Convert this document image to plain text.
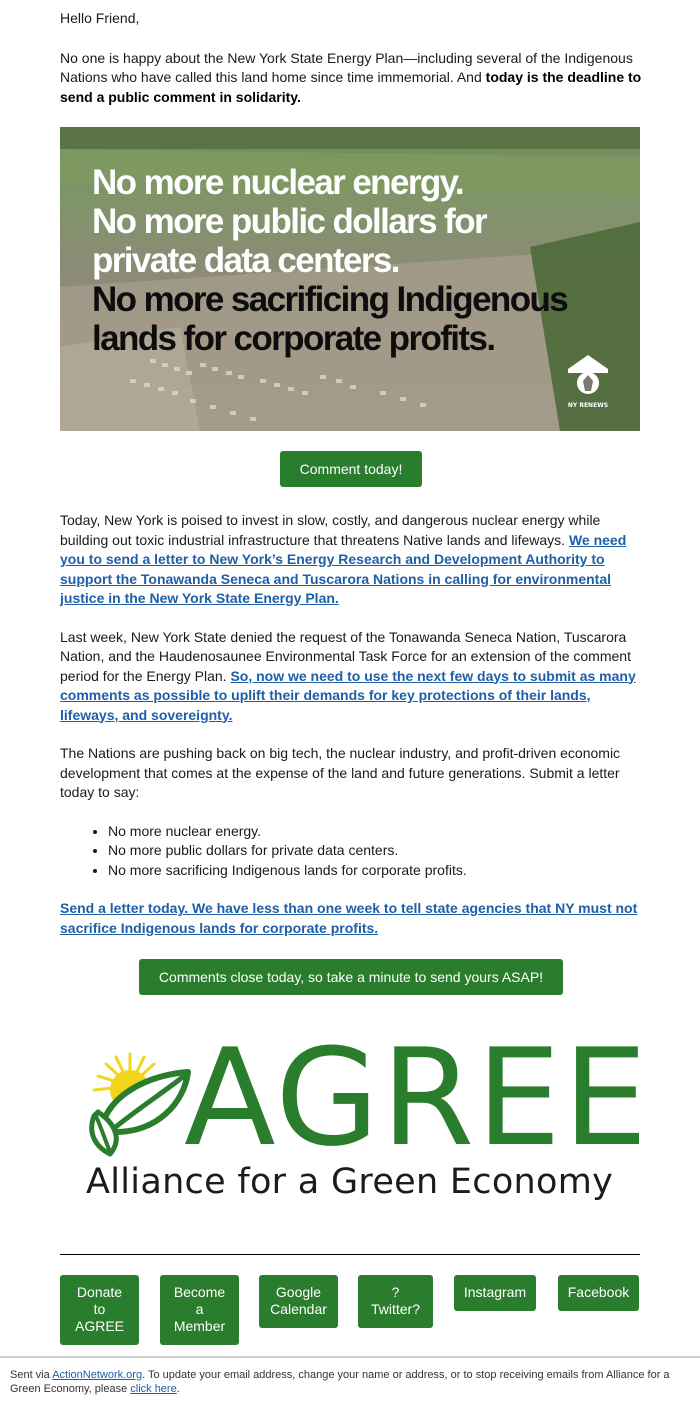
Hello Friend,

No one is happy about the New York State Energy Plan—including several of the Indigenous Nations who have called this land home since time immemorial. And today is the deadline to send a public comment in solidarity.

No more nuclear energy.
No more public dollars for
private data centers.
No more sacrificing Indigenous
lands for corporate profits.
NY RENEWS
Comment today!

Today, New York is poised to invest in slow, costly, and dangerous nuclear energy while building out toxic industrial infrastructure that threatens Native lands and lifeways. We need you to send a letter to New York’s Energy Research and Development Authority to support the Tonawanda Seneca and Tuscarora Nations in calling for environmental justice in the New York State Energy Plan.

Last week, New York State denied the request of the Tonawanda Seneca Nation, Tuscarora Nation, and the Haudenosaunee Environmental Task Force for an extension of the comment period for the Energy Plan. So, now we need to use the next few days to submit as many comments as possible to uplift their demands for key protections of their lands, lifeways, and sovereignty.

The Nations are pushing back on big tech, the nuclear industry, and profit-driven economic development that comes at the expense of the land and future generations. Submit a letter today to say:

• No more nuclear energy.
• No more public dollars for private data centers.
• No more sacrificing Indigenous lands for corporate profits.

Send a letter today. We have less than one week to tell state agencies that NY must not sacrifice Indigenous lands for corporate profits.

Comments close today, so take a minute to send yours ASAP!
AGREE
Alliance for a Green Economy
Donate
to
AGREE
Become
a
Member
Google
Calendar
?
Twitter?
Instagram	Facebook
Sent via ActionNetwork.org. To update your email address, change your name or address, or to stop receiving emails from Alliance for a Green Economy, please click here.
